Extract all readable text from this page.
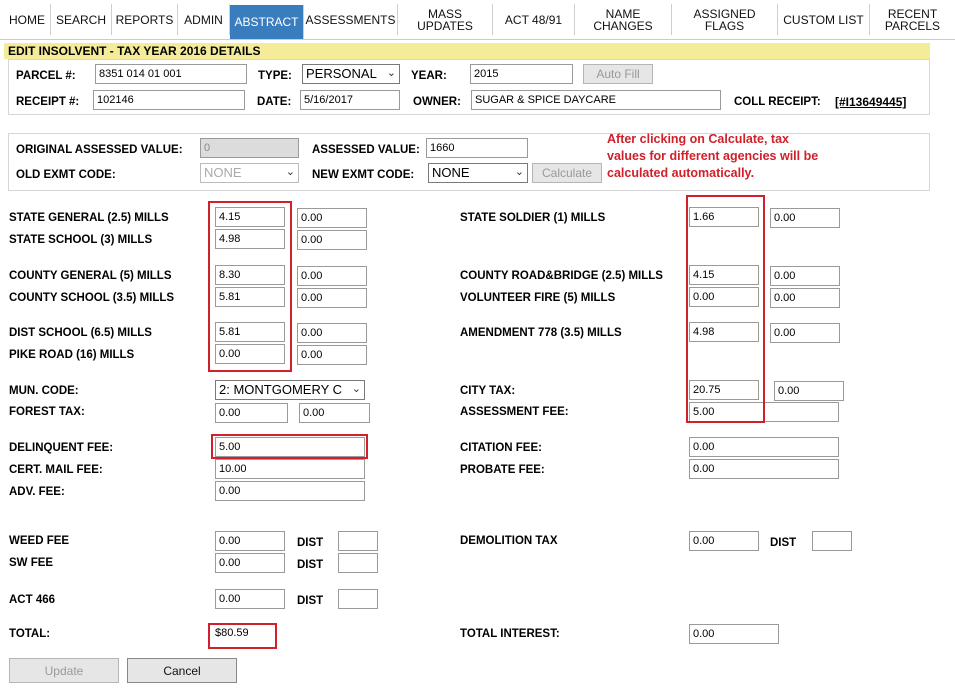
HOME SEARCH REPORTS ADMIN ABSTRACT ASSESSMENTS	MASS
UPDATES	ACT 48/91	NAME
CHANGES
ASSIGNED
FLAGS	CUSTOM LIST	RECENT
PARCELS
EDIT INSOLVENT - TAX YEAR 2016 DETAILS
PARCEL #:	8351 014 01 001	TYPE:	PERSONAL ⌄ YEAR:	2015	Auto Fill
RECEIPT #:	102146	DATE:	5/16/2017	OWNER:	SUGAR & SPICE DAYCARE	COLL RECEIPT: [#I13649445]
ORIGINAL ASSESSED VALUE:	0	ASSESSED VALUE: 1660
OLD EXMT CODE:	NONE	⌄ NEW EXMT CODE:	NONE	⌄	Calculate
After clicking on Calculate, tax values for different agencies will be calculated automatically.
STATE GENERAL (2.5) MILLS	4.15	0.00
STATE SCHOOL (3) MILLS	4.98	0.00
COUNTY GENERAL (5) MILLS	8.30	0.00
COUNTY SCHOOL (3.5) MILLS	5.81	0.00
DIST SCHOOL (6.5) MILLS	5.81	0.00
PIKE ROAD (16) MILLS	0.00	0.00
STATE SOLDIER (1) MILLS	1.66	0.00
COUNTY ROAD&BRIDGE (2.5) MILLS	4.15	0.00
VOLUNTEER FIRE (5) MILLS	0.00	0.00
AMENDMENT 778 (3.5) MILLS	4.98	0.00
MUN. CODE:	2: MONTGOMERY C ⌄
FOREST TAX:	0.00	0.00
CITY TAX:	20.75	0.00
ASSESSMENT FEE:	5.00
DELINQUENT FEE:	5.00
CERT. MAIL FEE:	10.00
ADV. FEE:	0.00
CITATION FEE:	0.00
PROBATE FEE:	0.00
WEED FEE	0.00	DIST
SW FEE	0.00	DIST
ACT 466	0.00	DIST
DEMOLITION TAX	0.00	DIST
TOTAL:	$80.59	TOTAL INTEREST:	0.00
Update	Cancel
